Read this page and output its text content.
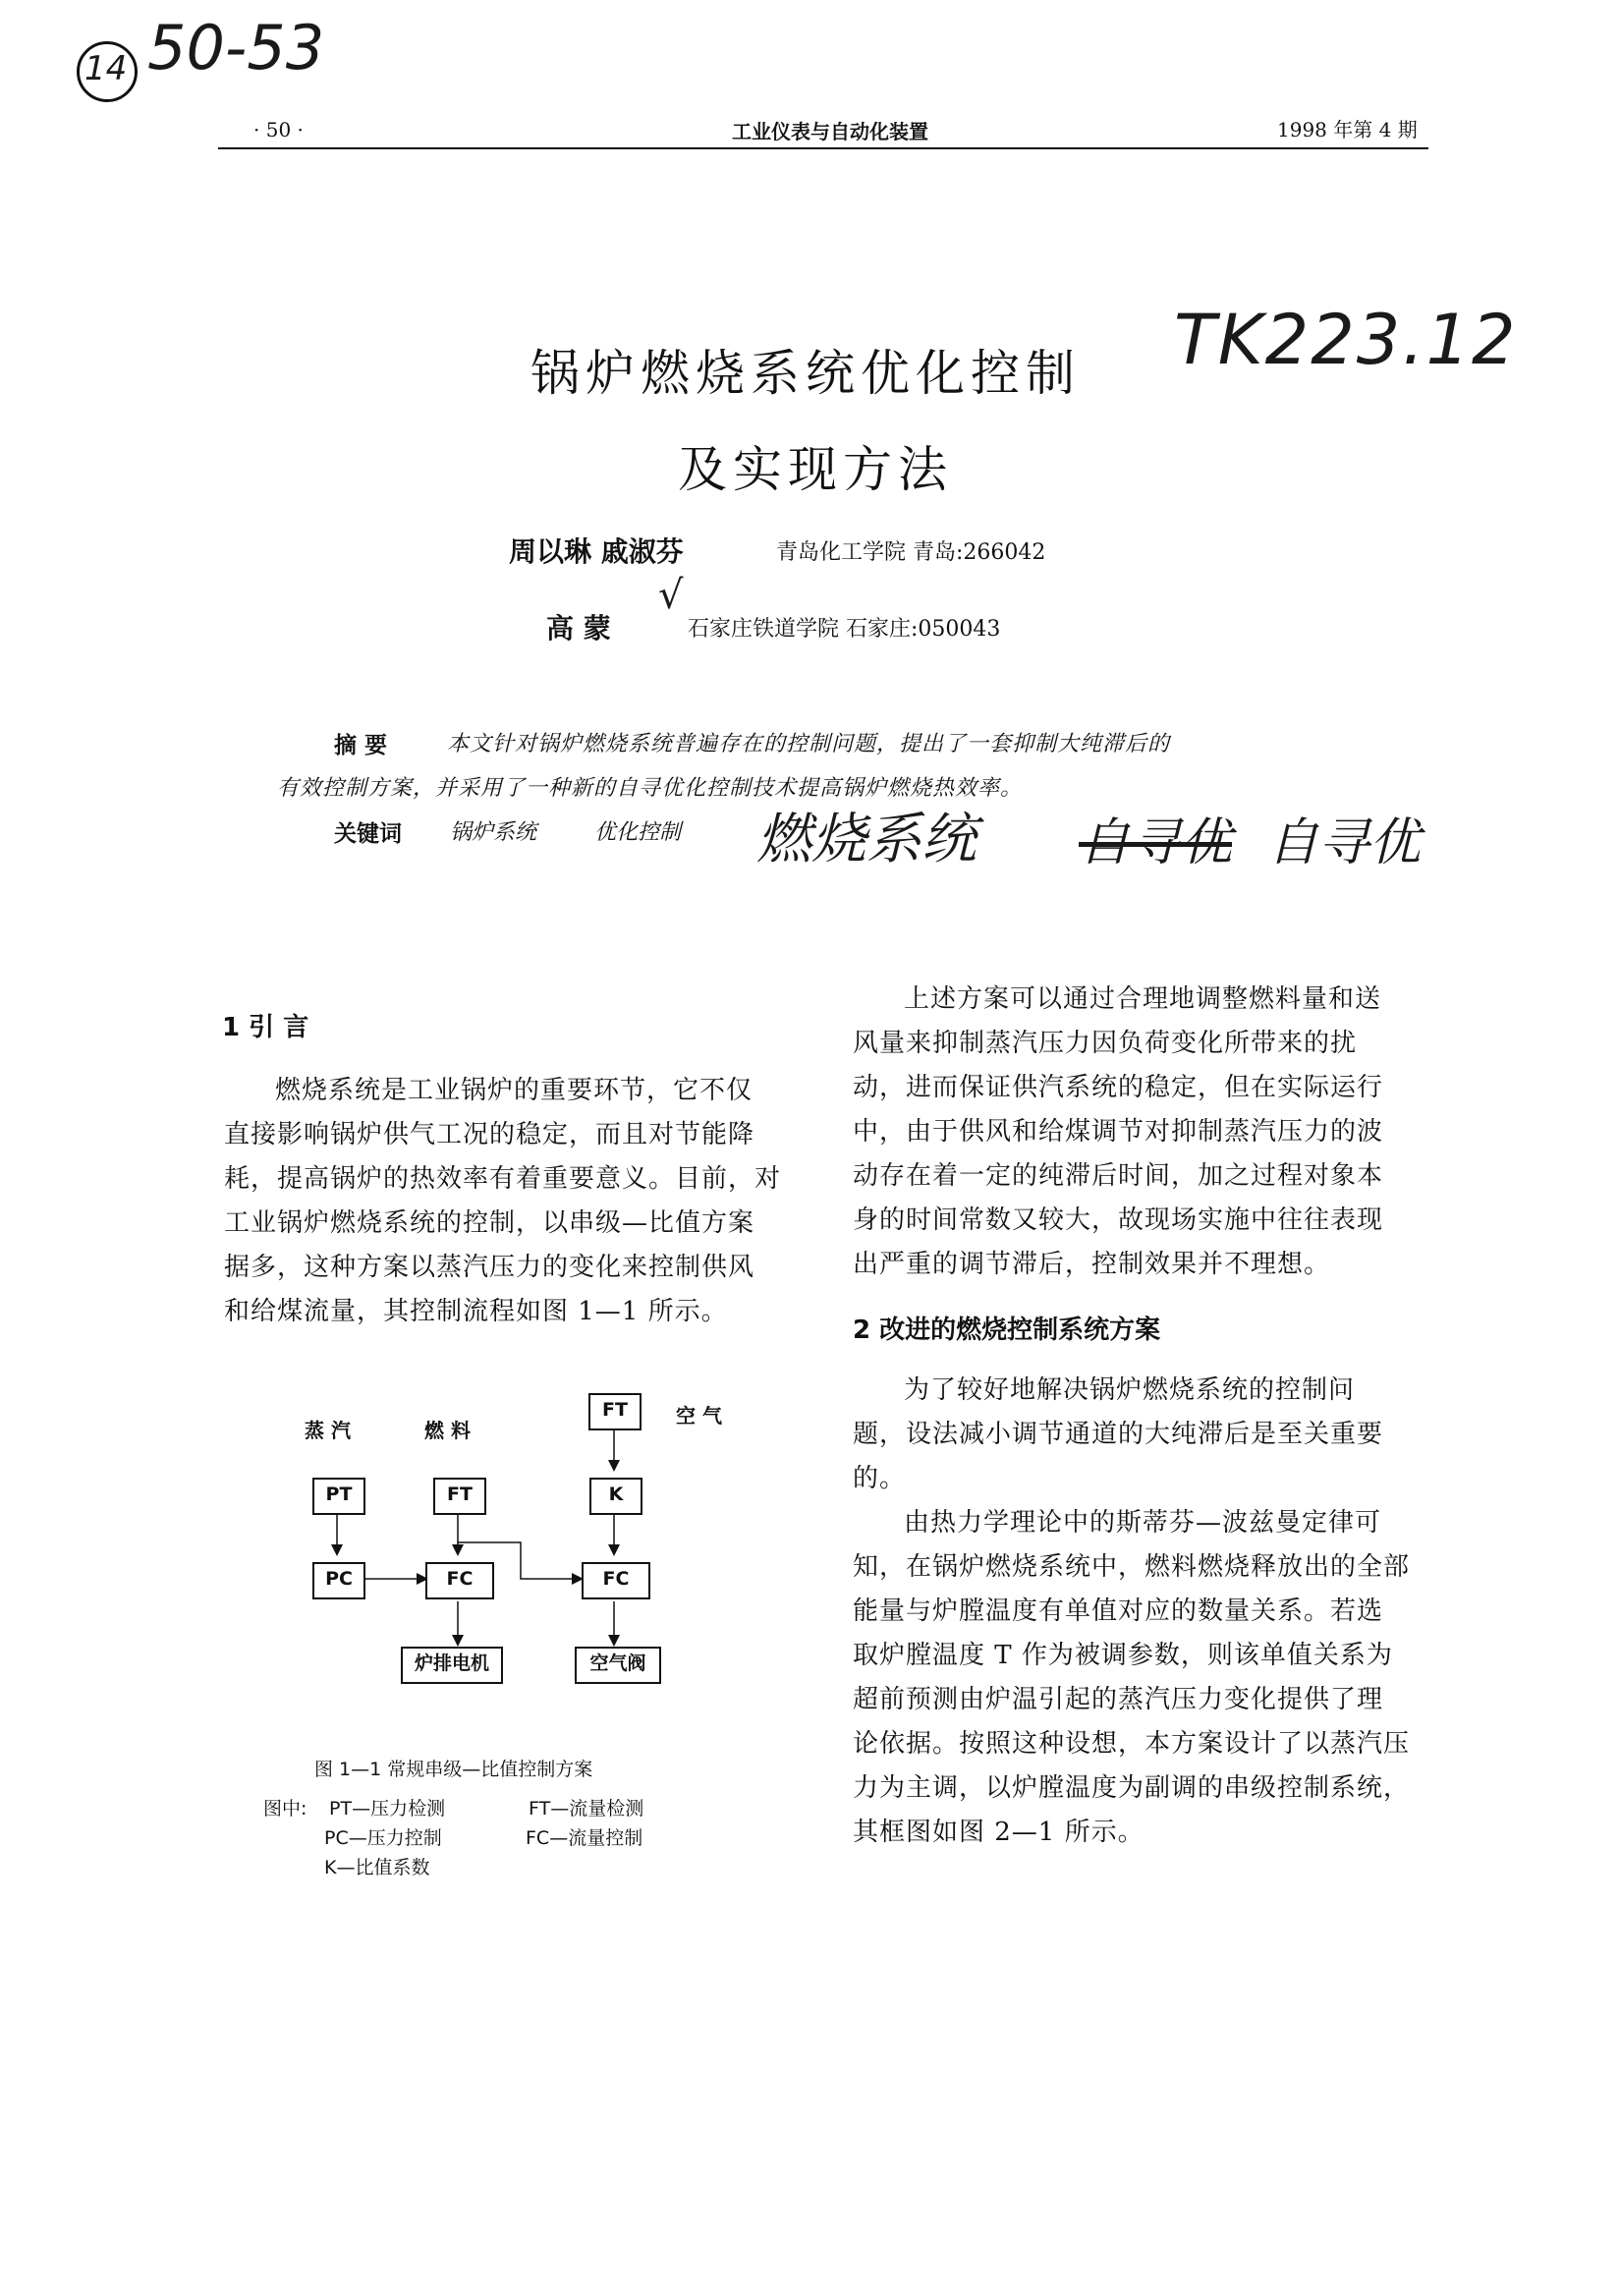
14 50-53
TK223.12
· 50 ·	工业仪表与自动化装置	1998 年第 4 期
锅炉燃烧系统优化控制
及实现方法
周以琳 戚淑芬	青岛化工学院 青岛:266042
高 蒙
√
石家庄铁道学院 石家庄:050043
摘 要	本文针对锅炉燃烧系统普遍存在的控制问题，提出了一套抑制大纯滞后的
有效控制方案，并采用了一种新的自寻优化控制技术提高锅炉燃烧热效率。
关键词 锅炉系统	优化控制 燃烧系统 自寻优 自寻优
1 引 言
燃烧系统是工业锅炉的重要环节，它不仅
直接影响锅炉供气工况的稳定，而且对节能降
耗，提高锅炉的热效率有着重要意义。目前，对
工业锅炉燃烧系统的控制，以串级—比值方案
据多，这种方案以蒸汽压力的变化来控制供风
和给煤流量，其控制流程如图 1—1 所示。
蒸 汽	燃 料
空 气
FT
PT	FT	K
PC	FC	FC
炉排电机	空气阀
图 1—1 常规串级—比值控制方案
图中: PT—压力检测	FT—流量检测
PC—压力控制	FC—流量控制
K—比值系数
上述方案可以通过合理地调整燃料量和送
风量来抑制蒸汽压力因负荷变化所带来的扰
动，进而保证供汽系统的稳定，但在实际运行
中，由于供风和给煤调节对抑制蒸汽压力的波
动存在着一定的纯滞后时间，加之过程对象本
身的时间常数又较大，故现场实施中往往表现
出严重的调节滞后，控制效果并不理想。
2 改进的燃烧控制系统方案
为了较好地解决锅炉燃烧系统的控制问
题，设法减小调节通道的大纯滞后是至关重要
的。
由热力学理论中的斯蒂芬—波兹曼定律可
知，在锅炉燃烧系统中，燃料燃烧释放出的全部
能量与炉膛温度有单值对应的数量关系。若选
取炉膛温度 T 作为被调参数，则该单值关系为
超前预测由炉温引起的蒸汽压力变化提供了理
论依据。按照这种设想，本方案设计了以蒸汽压
力为主调，以炉膛温度为副调的串级控制系统，
其框图如图 2—1 所示。
